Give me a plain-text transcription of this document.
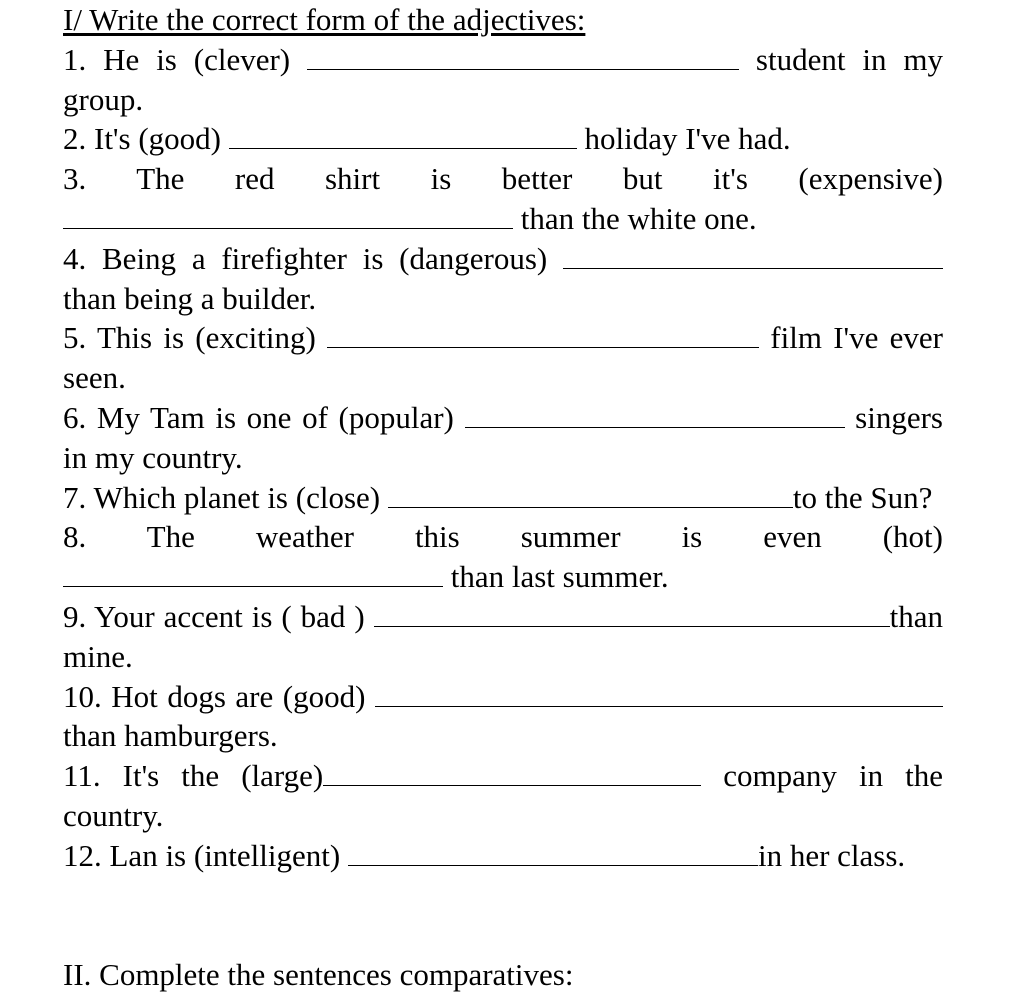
I/ Write the correct form of the adjectives:

1. He is (clever)	student in my group.

2. It's (good)	holiday I've had.

3. The red shirt is better but it's (expensive)  than the white one.

4. Being a firefighter is (dangerous)  than being a builder.

5. This is (exciting)	film I've ever seen.

6. My Tam is one of (popular)	singers in my country.

7. Which planet is (close)	to the Sun?

8. The weather this summer is even (hot)  than last summer.

9. Your accent is ( bad )	than mine.

10. Hot dogs are (good) than hamburgers.

11. It's the (large)	company in the country.

12. Lan is (intelligent)	in her class.

II. Complete the sentences comparatives:
